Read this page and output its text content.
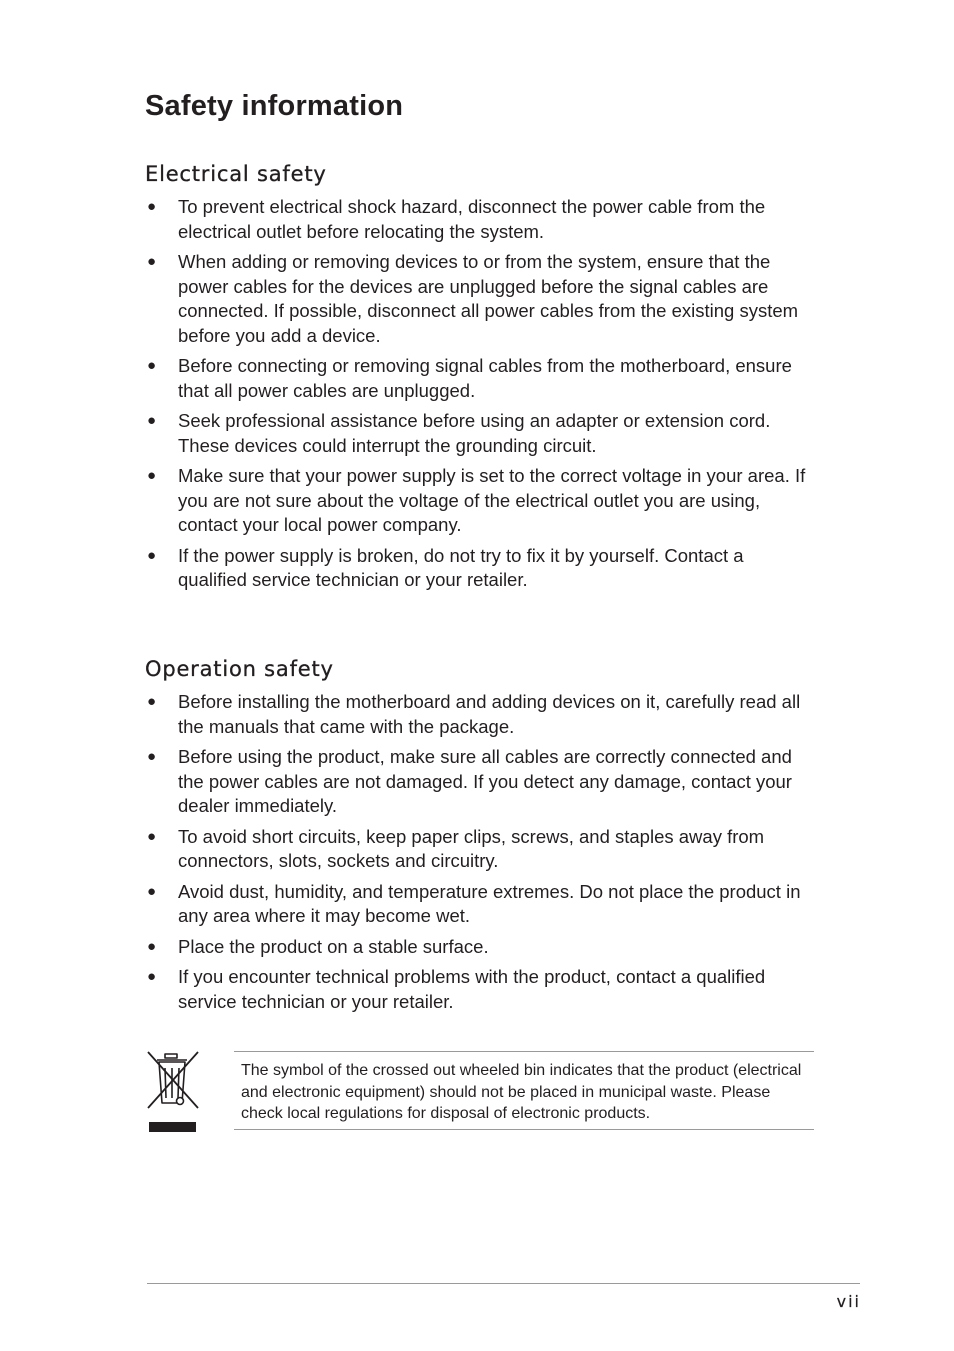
Safety information
Electrical safety
● To prevent electrical shock hazard, disconnect the power cable from the electrical outlet before relocating the system.
● When adding or removing devices to or from the system, ensure that the power cables for the devices are unplugged before the signal cables are connected. If possible, disconnect all power cables from the existing system before you add a device.
● Before connecting or removing signal cables from the motherboard, ensure that all power cables are unplugged.
● Seek professional assistance before using an adapter or extension cord. These devices could interrupt the grounding circuit.
● Make sure that your power supply is set to the correct voltage in your area. If you are not sure about the voltage of the electrical outlet you are using, contact your local power company.
● If the power supply is broken, do not try to fix it by yourself. Contact a qualified service technician or your retailer.
Operation safety
● Before installing the motherboard and adding devices on it, carefully read all the manuals that came with the package.
● Before using the product, make sure all cables are correctly connected and the power cables are not damaged. If you detect any damage, contact your dealer immediately.
● To avoid short circuits, keep paper clips, screws, and staples away from connectors, slots, sockets and circuitry.
● Avoid dust, humidity, and temperature extremes. Do not place the product in any area where it may become wet.
● Place the product on a stable surface.
● If you encounter technical problems with the product, contact a qualified service technician or your retailer.

The symbol of the crossed out wheeled bin indicates that the product (electrical and electronic equipment) should not be placed in municipal waste. Please check local regulations for disposal of electronic products.

vii
